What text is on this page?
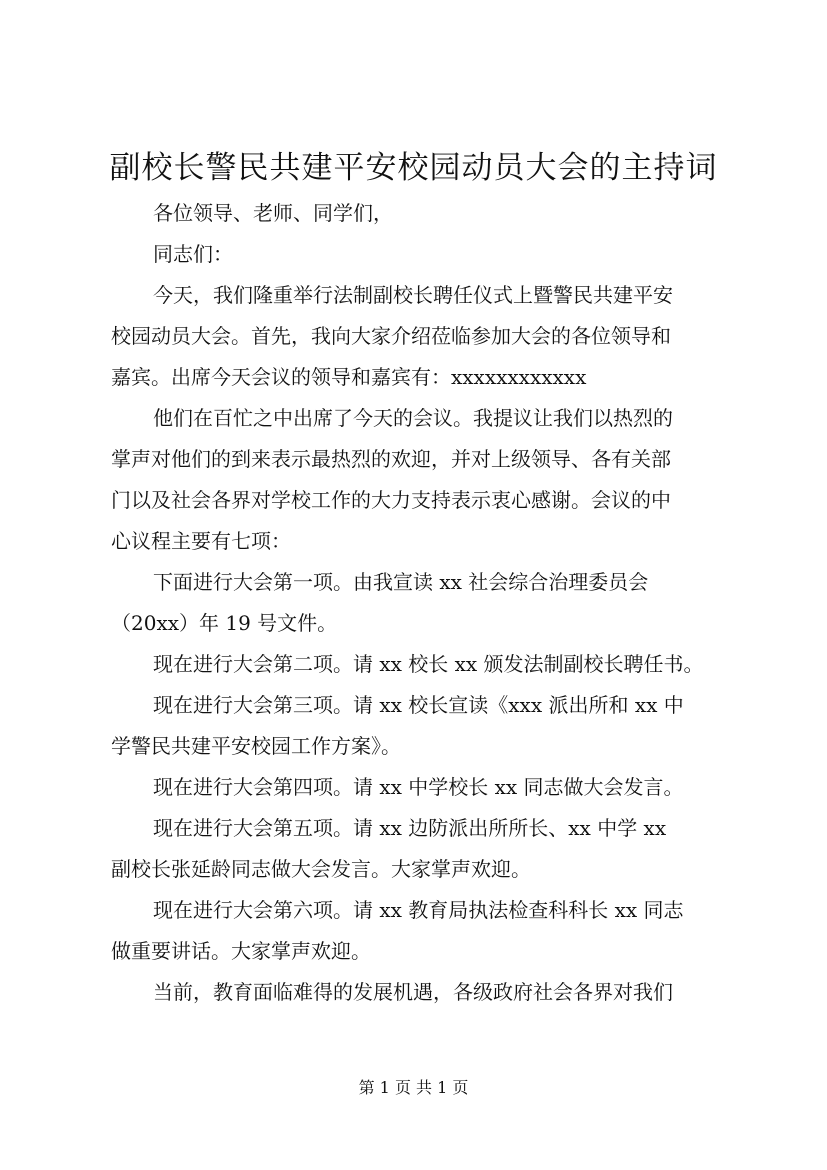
副校长警民共建平安校园动员大会的主持词
各位领导、老师、同学们，
同志们：
今天，我们隆重举行法制副校长聘任仪式上暨警民共建平安
校园动员大会。首先，我向大家介绍莅临参加大会的各位领导和
嘉宾。出席今天会议的领导和嘉宾有：xxxxxxxxxxxx
他们在百忙之中出席了今天的会议。我提议让我们以热烈的
掌声对他们的到来表示最热烈的欢迎，并对上级领导、各有关部
门以及社会各界对学校工作的大力支持表示衷心感谢。会议的中
心议程主要有七项：
下面进行大会第一项。由我宣读 xx 社会综合治理委员会
（20xx）年 19 号文件。
现在进行大会第二项。请 xx 校长 xx 颁发法制副校长聘任书。
现在进行大会第三项。请 xx 校长宣读《xxx 派出所和 xx 中
学警民共建平安校园工作方案》。
现在进行大会第四项。请 xx 中学校长 xx 同志做大会发言。
现在进行大会第五项。请 xx 边防派出所所长、xx 中学 xx
副校长张延龄同志做大会发言。大家掌声欢迎。
现在进行大会第六项。请 xx 教育局执法检查科科长 xx 同志
做重要讲话。大家掌声欢迎。
当前，教育面临难得的发展机遇，各级政府社会各界对我们
第 1 页 共 1 页
